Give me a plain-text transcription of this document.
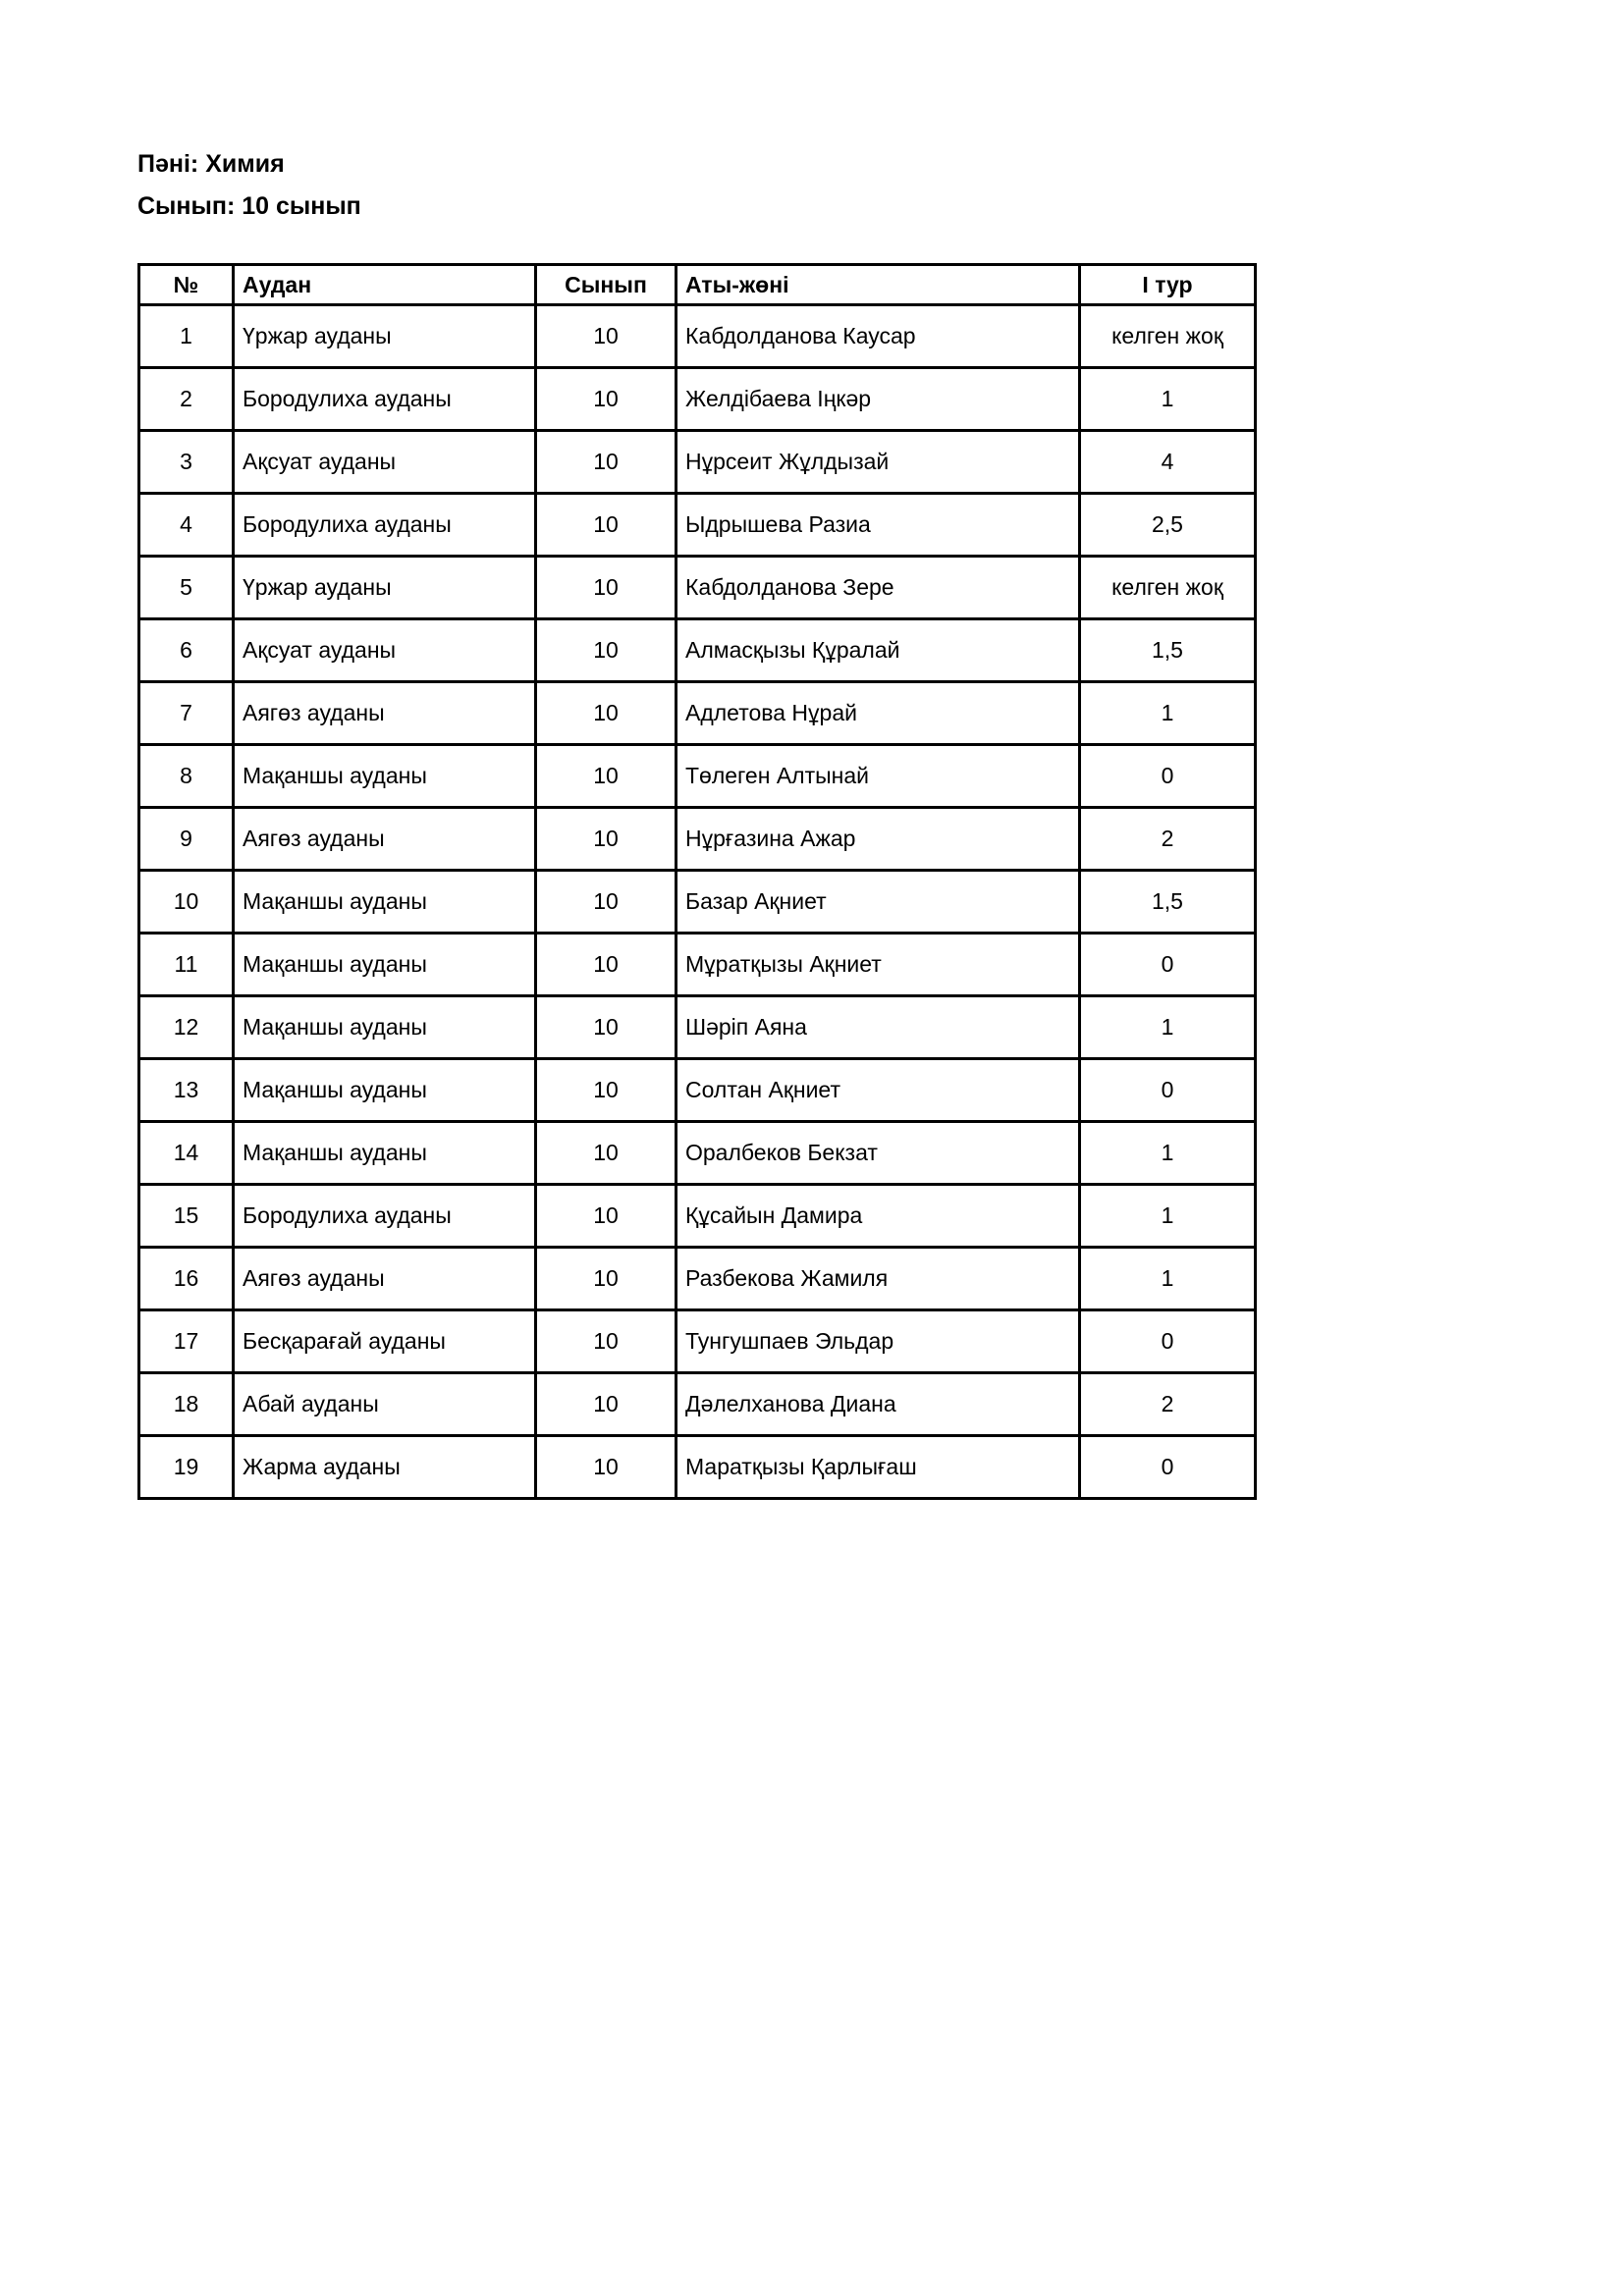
Пәні: Химия
Сынып: 10 сынып
№	Аудан	Сынып	Аты-жөні	І тур
1	Үржар ауданы	10	Кабдолданова Каусар	келген жоқ
2	Бородулиха ауданы	10	Желдібаева Іңкәр	1
3	Ақсуат ауданы	10	Нұрсеит Жұлдызай	4
4	Бородулиха ауданы	10	Ыдрышева Разиа	2,5
5	Үржар ауданы	10	Кабдолданова Зере	келген жоқ
6	Ақсуат ауданы	10	Алмасқызы Құралай	1,5
7	Аягөз ауданы	10	Адлетова Нұрай	1
8	Мақаншы ауданы	10	Төлеген Алтынай	0
9	Аягөз ауданы	10	Нұрғазина Ажар	2
10	Мақаншы ауданы	10	Базар Ақниет	1,5
11	Мақаншы ауданы	10	Мұратқызы Ақниет	0
12	Мақаншы ауданы	10	Шәріп Аяна	1
13	Мақаншы ауданы	10	Солтан Ақниет	0
14	Мақаншы ауданы	10	Оралбеков Бекзат	1
15	Бородулиха ауданы	10	Құсайын Дамира	1
16	Аягөз ауданы	10	Разбекова Жамиля	1
17	Бесқарағай ауданы	10	Тунгушпаев Эльдар	0
18	Абай ауданы	10	Дәлелханова Диана	2
19	Жарма ауданы	10	Маратқызы Қарлығаш	0
